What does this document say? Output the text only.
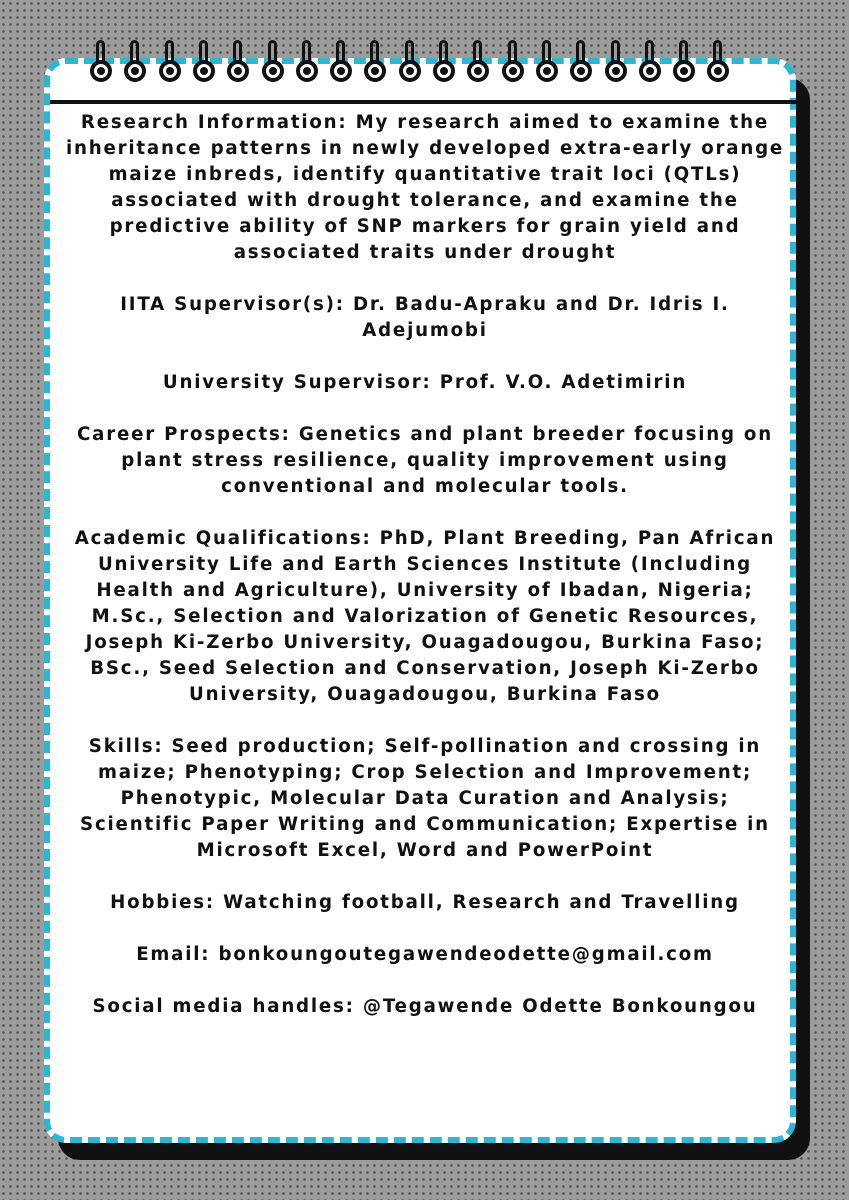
Research Information: My research aimed to examine the inheritance patterns in newly developed extra-early orange maize inbreds, identify quantitative trait loci (QTLs) associated with drought tolerance, and examine the predictive ability of SNP markers for grain yield and associated traits under drought

IITA Supervisor(s): Dr. Badu-Apraku and Dr. Idris I. Adejumobi

University Supervisor: Prof. V.O. Adetimirin

Career Prospects: Genetics and plant breeder focusing on plant stress resilience, quality improvement using conventional and molecular tools.

Academic Qualifications: PhD, Plant Breeding, Pan African University Life and Earth Sciences Institute (Including Health and Agriculture), University of Ibadan, Nigeria; M.Sc., Selection and Valorization of Genetic Resources, Joseph Ki-Zerbo University, Ouagadougou, Burkina Faso; BSc., Seed Selection and Conservation, Joseph Ki-Zerbo University, Ouagadougou, Burkina Faso

Skills: Seed production; Self-pollination and crossing in maize; Phenotyping; Crop Selection and Improvement; Phenotypic, Molecular Data Curation and Analysis; Scientific Paper Writing and Communication; Expertise in Microsoft Excel, Word and PowerPoint

Hobbies: Watching football, Research and Travelling

Email: bonkoungoutegawendeodette@gmail.com

Social media handles: @Tegawende Odette Bonkoungou
